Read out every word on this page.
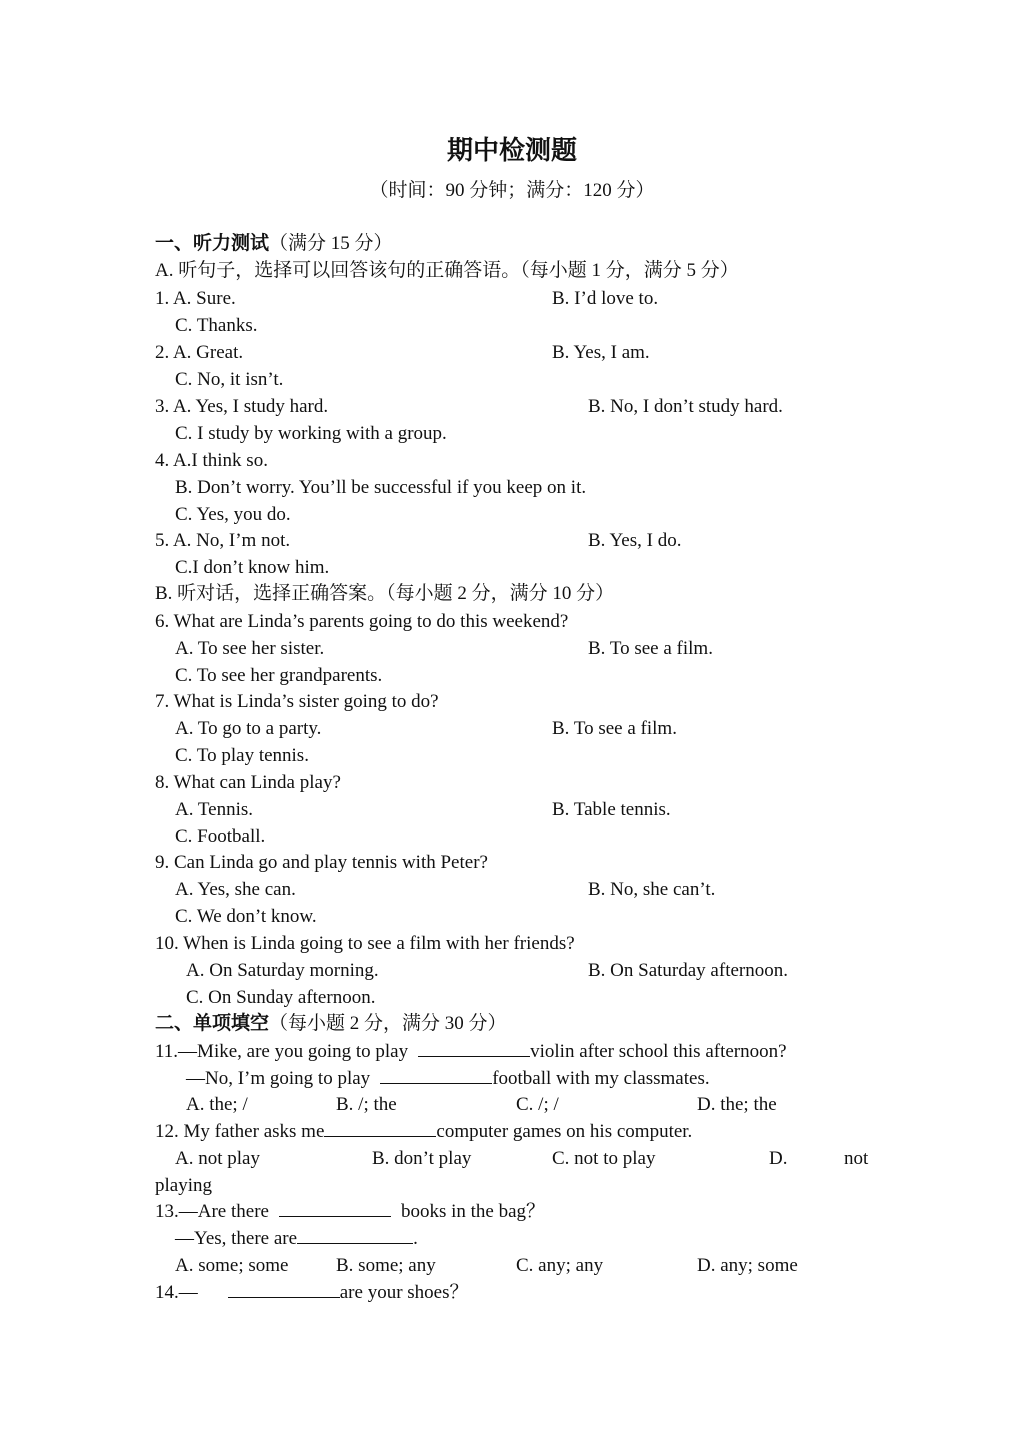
期中检测题
（时间：90 分钟；满分：120 分）
一、听力测试（满分 15 分）
A. 听句子，选择可以回答该句的正确答语。（每小题 1 分，满分 5 分）
1. A. Sure.	B. I’d love to.
C. Thanks.
2. A. Great.	B. Yes, I am.
C. No, it isn’t.
3. A. Yes, I study hard.	B. No, I don’t study hard.
C. I study by working with a group.
4. A.I think so.
B. Don’t worry. You’ll be successful if you keep on it.
C. Yes, you do.
5. A. No, I’m not.	B. Yes, I do.
C.I don’t know him.
B. 听对话，选择正确答案。（每小题 2 分，满分 10 分）
6. What are Linda’s parents going to do this weekend?
A. To see her sister.	B. To see a film.
C. To see her grandparents.
7. What is Linda’s sister going to do?
A. To go to a party.	B. To see a film.
C. To play tennis.
8. What can Linda play?
A. Tennis.	B. Table tennis.
C. Football.
9. Can Linda go and play tennis with Peter?
A. Yes, she can.	B. No, she can’t.
C. We don’t know.
10. When is Linda going to see a film with her friends?
A. On Saturday morning.	B. On Saturday afternoon.
C. On Sunday afternoon.
二、单项填空（每小题 2 分，满分 30 分）
11.—Mike, are you going to play	violin after school this afternoon?
—No, I’m going to play	football with my classmates.
A. the; /	B. /; the	C. /; /	D. the; the
12. My father asks me	computer games on his computer.
A. not play	B. don’t play	C. not to play	D.	not
playing
13.—Are there	books in the bag？
—Yes, there are	.
A. some; some	B. some; any	C. any; any	D. any; some
14.—	are your shoes？
